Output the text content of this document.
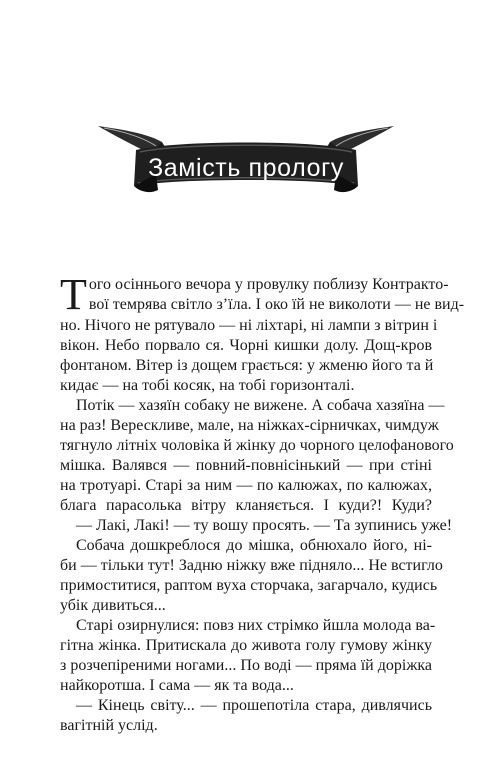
Замість прологу
Т ого осіннього вечора у провулку поблизу Контракто-
вої темрява світло з’їла. І око їй не виколоти — не вид-
но. Нічого не рятувало — ні ліхтарі, ні лампи з вітрин і
вікон. Небо порвало ся. Чорні кишки долу. Дощ-кров
фонтаном. Вітер із дощем грається: у жменю його та й
кидає — на тобі косяк, на тобі горизонталі.
Потік — хазяїн собаку не вижене. А собача хазяїна —
на раз! Верескливе, мале, на ніжках-сірничках, чимдуж
тягнуло літніх чоловіка й жінку до чорного целофанового
мішка. Валявся — повний-повнісінький — при стіні
на тротуарі. Старі за ним — по калюжах, по калюжах,
блага парасолька вітру кланяється. І куди?! Куди?
— Лакі, Лакі! — ту вошу просять. — Та зупинись уже!
Собача дошкреблося до мішка, обнюхало його, ні-
би — тільки тут! Задню ніжку вже підняло... Не встигло
примоститися, раптом вуха сторчака, загарчало, кудись
убік дивиться...
Старі озирнулися: повз них стрімко йшла молода ва-
гітна жінка. Притискала до живота голу гумову жінку
з розчепіреними ногами... По воді — пряма їй доріжка
найкоротша. І сама — як та вода...
— Кінець світу... — прошепотіла стара, дивлячись
вагітній услід.
